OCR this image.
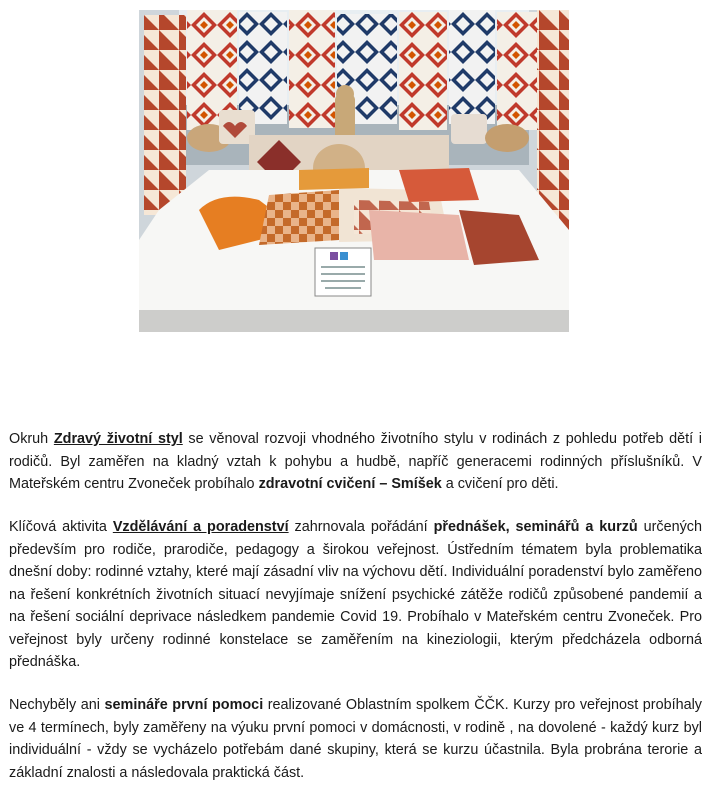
Okruh Zdravý životní styl se věnoval rozvoji vhodného životního stylu v rodinách z pohledu potřeb dětí i rodičů. Byl zaměřen na kladný vztah k pohybu a hudbě, napříč generacemi rodinných příslušníků. V Mateřském centru Zvoneček probíhalo zdravotní cvičení – Smíšek a cvičení pro děti.

Klíčová aktivita Vzdělávání a poradenství zahrnovala pořádání přednášek, seminářů a kurzů určených především pro rodiče, prarodiče, pedagogy a širokou veřejnost. Ústředním tématem byla problematika dnešní doby: rodinné vztahy, které mají zásadní vliv na výchovu dětí. Individuální poradenství bylo zaměřeno na řešení konkrétních životních situací nevyjímaje snížení psychické zátěže rodičů způsobené pandemií a na řešení sociální deprivace následkem pandemie Covid 19. Probíhalo v Mateřském centru Zvoneček. Pro veřejnost byly určeny rodinné konstelace se zaměřením na kineziologii, kterým předcházela odborná přednáška.

Nechyběly ani semináře první pomoci realizované Oblastním spolkem ČČK. Kurzy pro veřejnost probíhaly ve 4 termínech, byly zaměřeny na výuku první pomoci v domácnosti, v rodině , na dovolené - každý kurz byl individuální - vždy se vycházelo potřebám dané skupiny, která se kurzu účastnila. Byla probrána terorie a základní znalosti a následovala praktická část.
